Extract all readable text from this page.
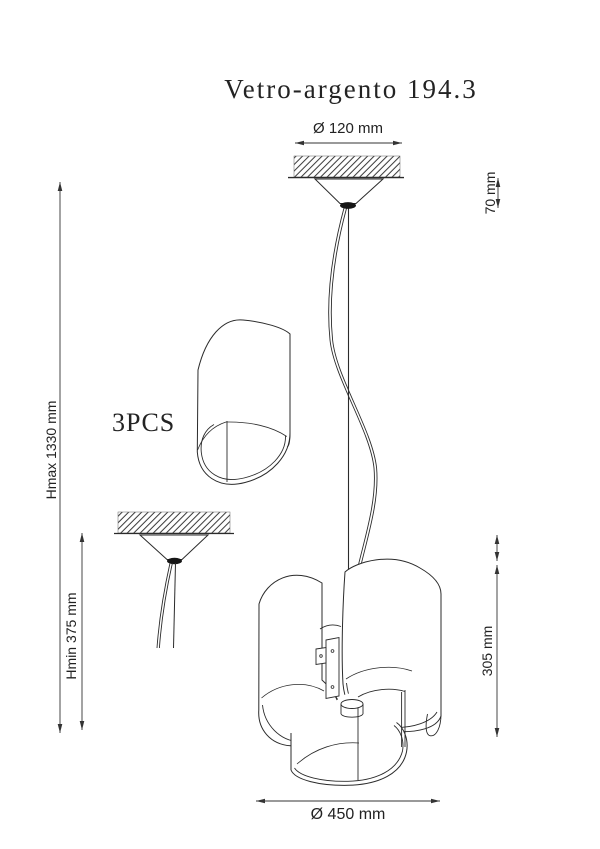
Vetro-argento 194.3
3PCS
Ø 120 mm
70 mm
Hmax 1330 mm
Hmin 375 mm	305 mm
Ø 450 mm
